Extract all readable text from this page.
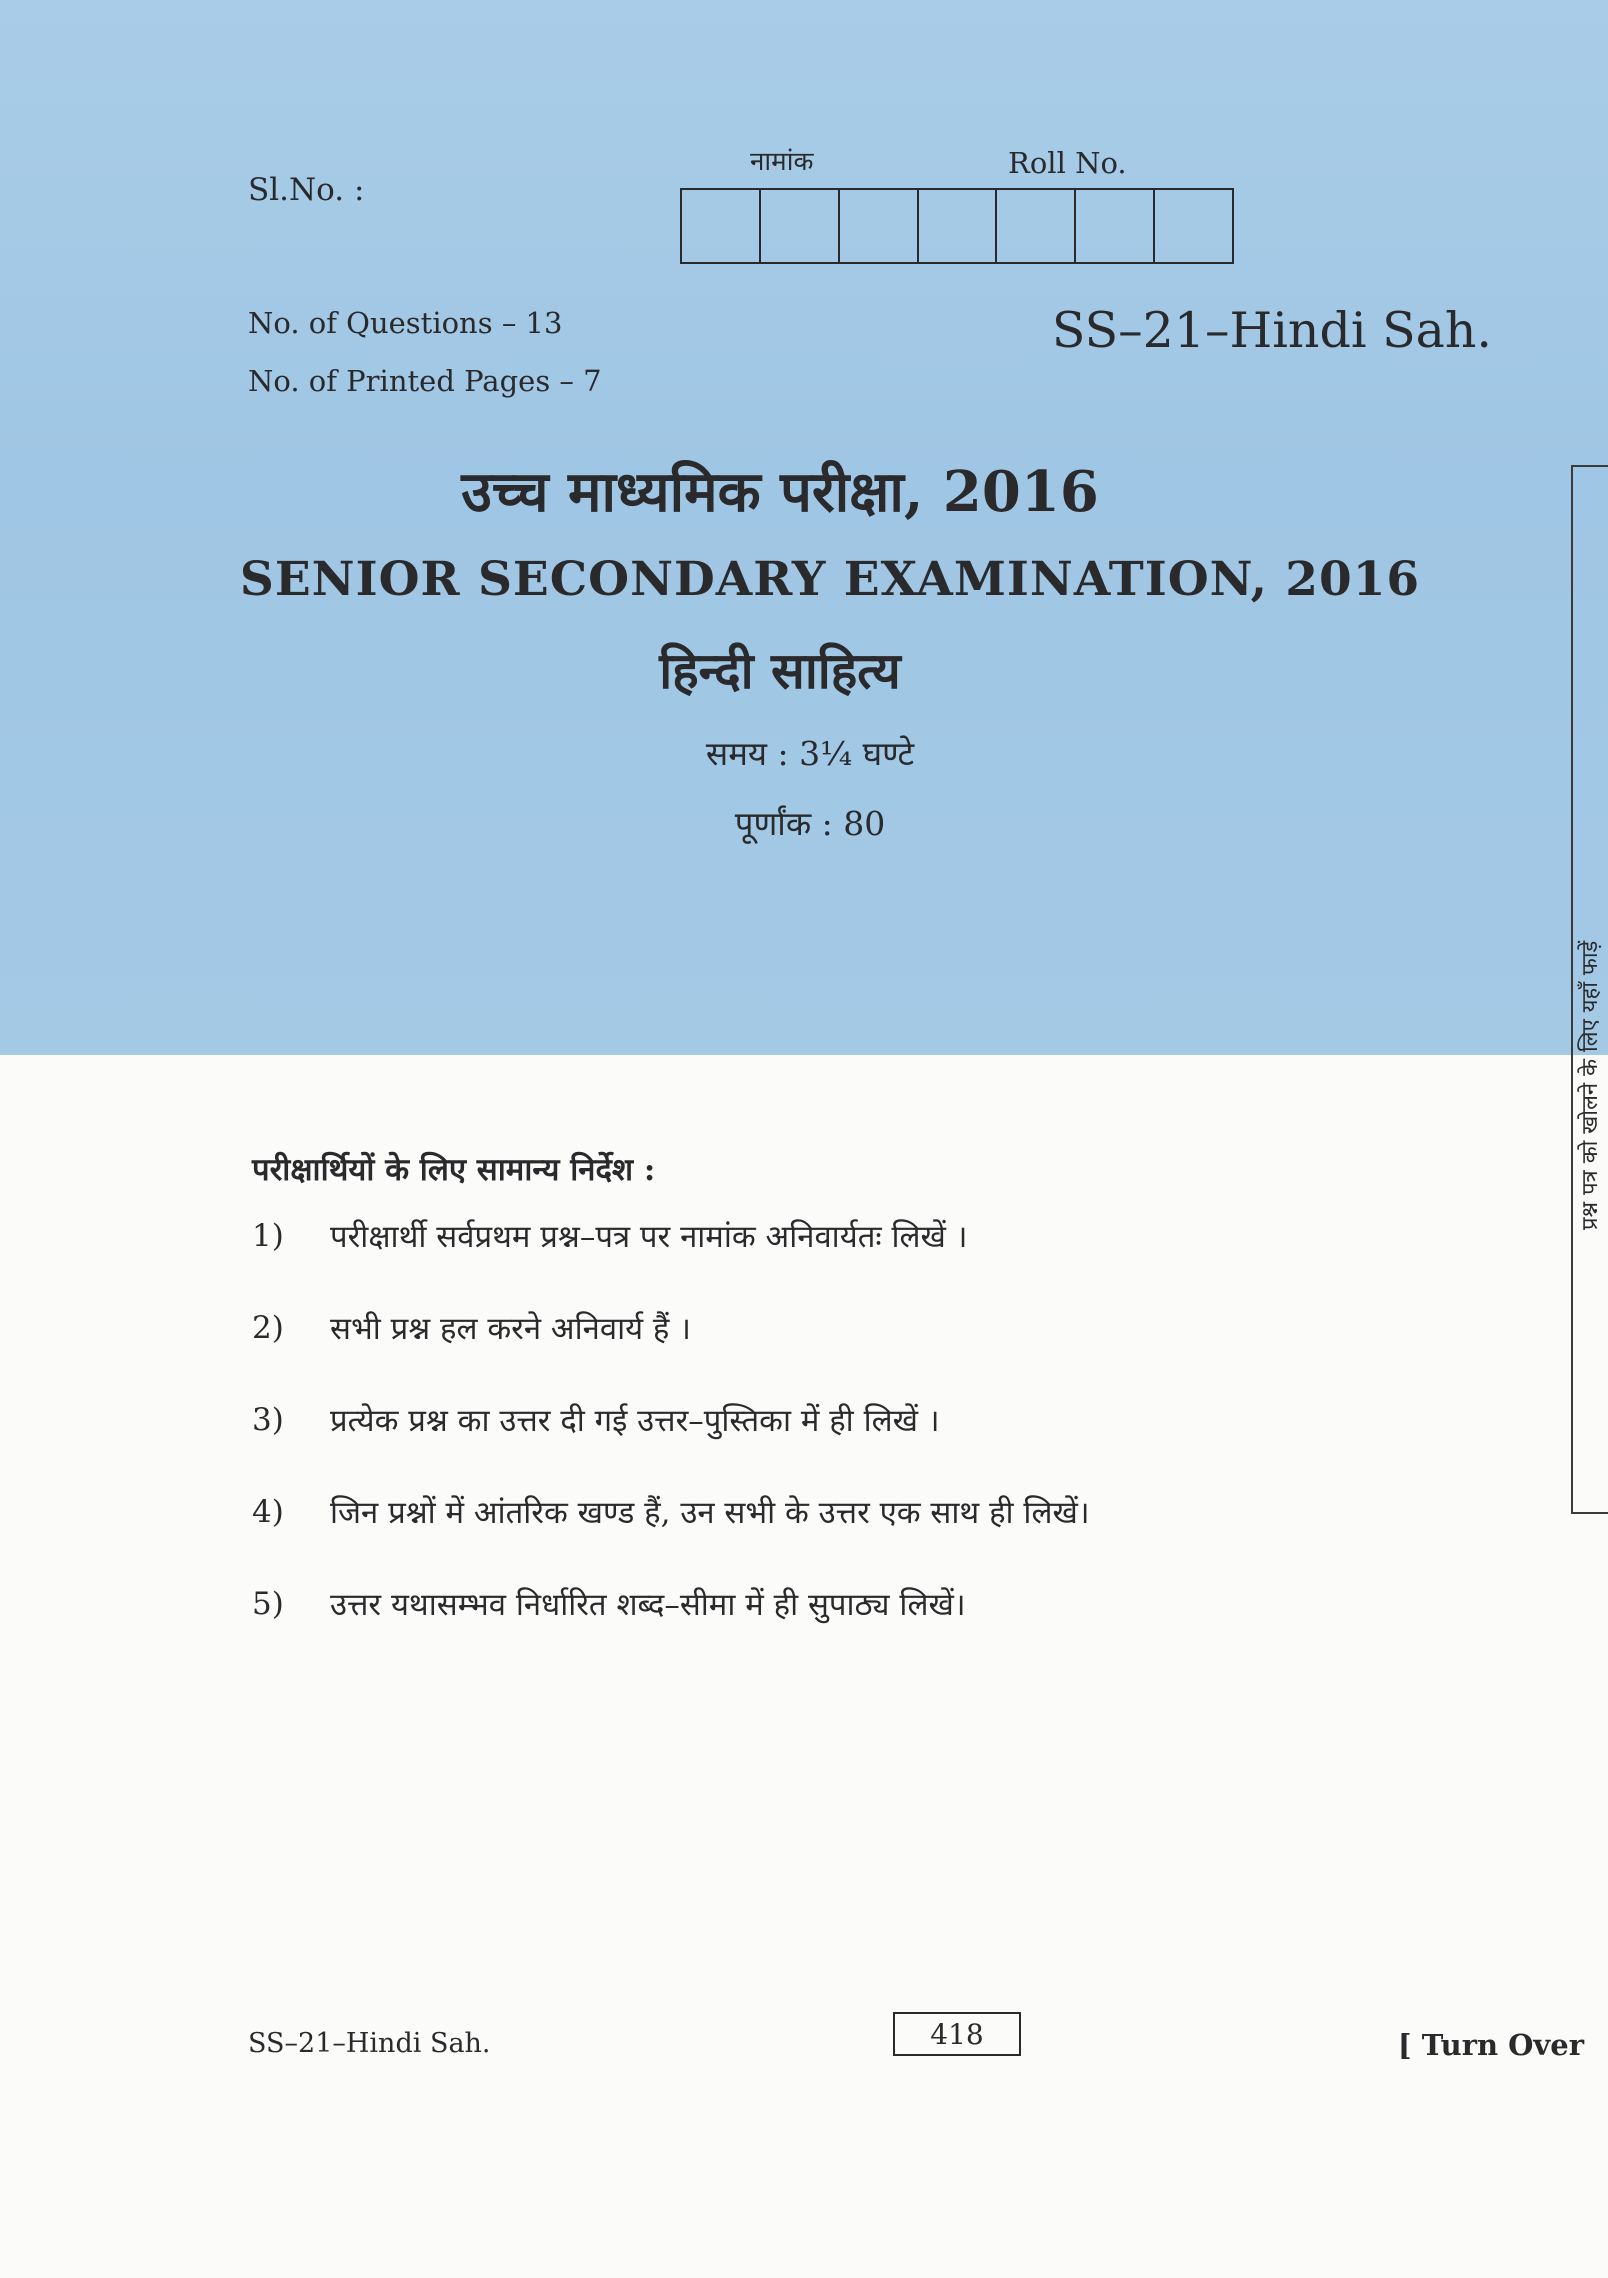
Sl.No. :
नामांक	Roll No.
No. of Questions – 13
No. of Printed Pages – 7
SS–21–Hindi Sah.
उच्च माध्यमिक परीक्षा, 2016
SENIOR SECONDARY EXAMINATION, 2016
हिन्दी साहित्य
समय : 3¼ घण्टे
पूर्णांक : 80
परीक्षार्थियों के लिए सामान्य निर्देश :
1)	परीक्षार्थी सर्वप्रथम प्रश्न–पत्र पर नामांक अनिवार्यतः लिखें ।
2)	सभी प्रश्न हल करने अनिवार्य हैं ।
3)	प्रत्येक प्रश्न का उत्तर दी गई उत्तर–पुस्तिका में ही लिखें ।
4)	जिन प्रश्नों में आंतरिक खण्ड हैं, उन सभी के उत्तर एक साथ ही लिखें।
5)	उत्तर यथासम्भव निर्धारित शब्द–सीमा में ही सुपाठ्य लिखें।
प्रश्न पत्र को खोलने के लिए यहाँ फाड़ें
SS–21–Hindi Sah.	418	[ Turn Over
